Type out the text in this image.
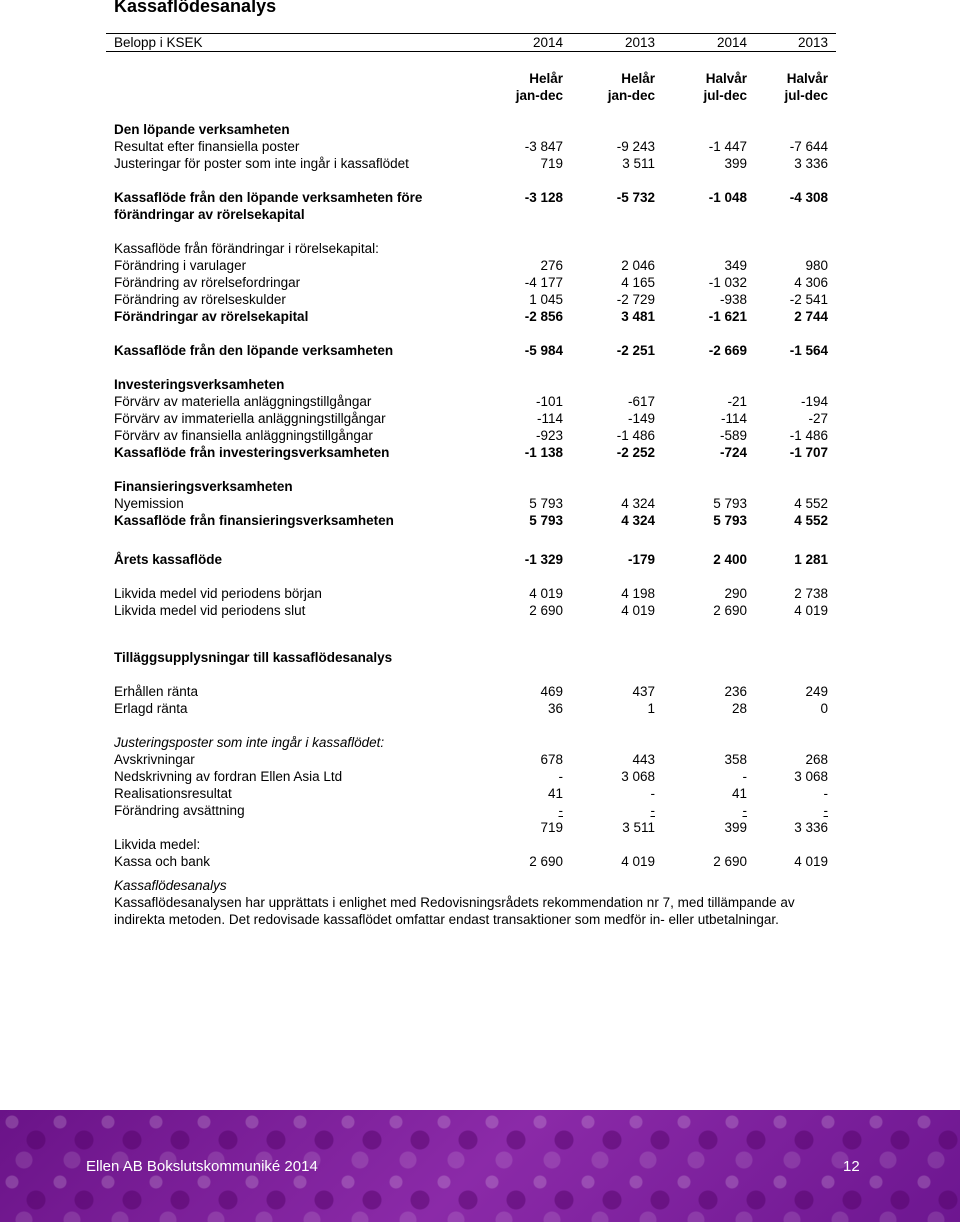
Kassaflödesanalys
Belopp i KSEK	2014	2013	2014	2013
Helår	Helår	Halvår	Halvår
jan-dec	jan-dec	jul-dec	jul-dec
Den löpande verksamheten
Resultat efter finansiella poster	-3 847	-9 243	-1 447	-7 644
Justeringar för poster som inte ingår i kassaflödet	719	3 511	399	3 336
Kassaflöde från den löpande verksamheten före
förändringar av rörelsekapital
-3 128	-5 732	-1 048	-4 308
Kassaflöde från förändringar i rörelsekapital:
Förändring i varulager	276	2 046	349	980
Förändring av rörelsefordringar	-4 177	4 165	-1 032	4 306
Förändring av rörelseskulder	1 045	-2 729	-938	-2 541
Förändringar av rörelsekapital	-2 856	3 481	-1 621	2 744
Kassaflöde från den löpande verksamheten	-5 984	-2 251	-2 669	-1 564
Investeringsverksamheten
Förvärv av materiella anläggningstillgångar	-101	-617	-21	-194
Förvärv av immateriella anläggningstillgångar	-114	-149	-114	-27
Förvärv av finansiella anläggningstillgångar	-923	-1 486	-589	-1 486
Kassaflöde från investeringsverksamheten	-1 138	-2 252	-724	-1 707
Finansieringsverksamheten
Nyemission	5 793	4 324	5 793	4 552
Kassaflöde från finansieringsverksamheten	5 793	4 324	5 793	4 552
Årets kassaflöde	-1 329	-179	2 400	1 281
Likvida medel vid periodens början	4 019	4 198	290	2 738
Likvida medel vid periodens slut	2 690	4 019	2 690	4 019
Tilläggsupplysningar till kassaflödesanalys
Erhållen ränta	469	437	236	249
Erlagd ränta	36	1	28	0
Justeringsposter som inte ingår i kassaflödet:
Avskrivningar	678	443	358	268
Nedskrivning av fordran Ellen Asia Ltd	-	3 068	-	3 068
Realisationsresultat	41	-	41	-
Förändring avsättning	-	-	-	-
719	3 511	399	3 336
Likvida medel:
Kassa och bank	2 690	4 019	2 690	4 019
Kassaflödesanalys
Kassaflödesanalysen har upprättats i enlighet med Redovisningsrådets rekommendation nr 7, med tillämpande av indirekta metoden. Det redovisade kassaflödet omfattar endast transaktioner som medför in- eller utbetalningar.
Ellen AB Bokslutskommuniké 2014	12
